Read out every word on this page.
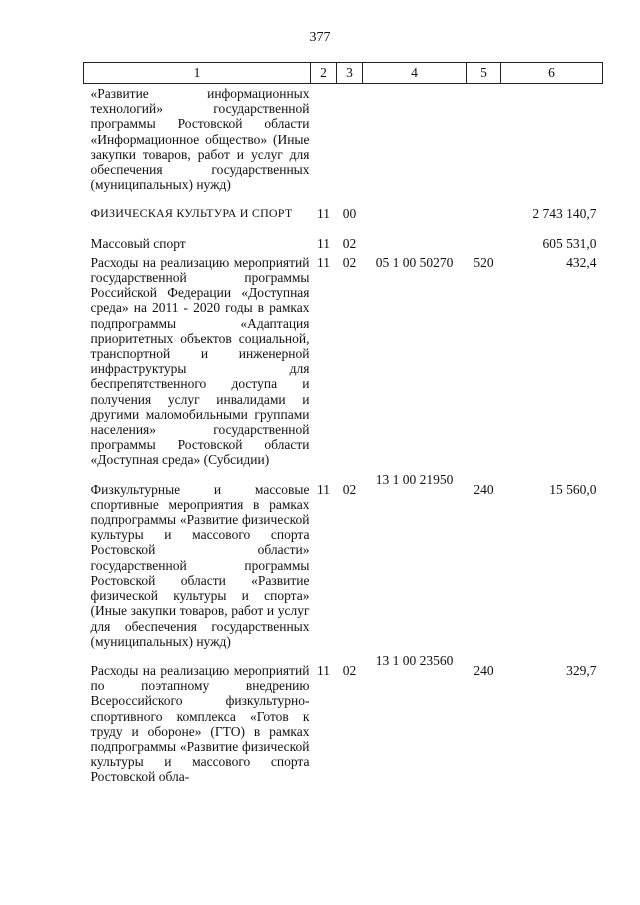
377
1	2	3	4	5	6
«Развитие информационных технологий» государственной программы Ростовской области «Информационное общество» (Иные закупки товаров, работ и услуг для обеспечения государственных (муниципальных) нужд)					
ФИЗИЧЕСКАЯ КУЛЬТУРА И СПОРТ	11	00			2 743 140,7
Массовый спорт	11	02			605 531,0
Расходы на реализацию мероприятий государственной программы Российской Федерации «Доступная среда» на 2011 - 2020 годы в рамках подпрограммы «Адаптация приоритетных объектов социальной, транспортной и инженерной инфраструктуры для беспрепятственного доступа и получения услуг инвалидами и другими маломобильными группами населения» государственной программы Ростовской области «Доступная среда» (Субсидии)	11	02	05 1 00 50270	520	432,4
Физкультурные и массовые спортивные мероприятия в рамках подпрограммы «Развитие физической культуры и массового спорта Ростовской области» государственной программы Ростовской области «Развитие физической культуры и спорта» (Иные закупки товаров, работ и услуг для обеспечения государственных (муниципальных) нужд)	11	02	13 1 00 21950	240	15 560,0
Расходы на реализацию мероприятий по поэтапному внедрению Всероссийского физкультурно-спортивного комплекса «Готов к труду и обороне» (ГТО) в рамках подпрограммы «Развитие физической культуры и массового спорта Ростовской обла-	11	02	13 1 00 23560	240	329,7
